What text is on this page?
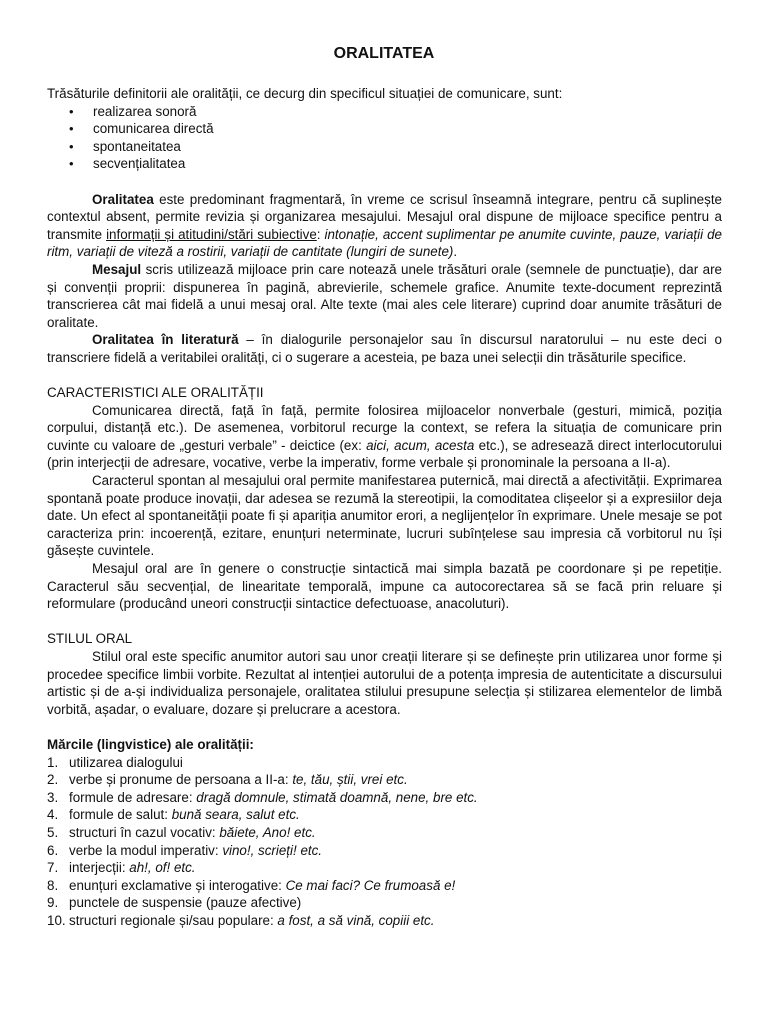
ORALITATEA

Trăsăturile definitorii ale oralității, ce decurg din specificul situației de comunicare, sunt:

• realizarea sonoră
• comunicarea directă
• spontaneitatea
• secvențialitatea

Oralitatea este predominant fragmentară, în vreme ce scrisul înseamnă integrare, pentru că suplinește contextul absent, permite revizia și organizarea mesajului. Mesajul oral dispune de mijloace specifice pentru a transmite informații și atitudini/stări subiective: intonație, accent suplimentar pe anumite cuvinte, pauze, variații de ritm, variații de viteză a rostirii, variații de cantitate (lungiri de sunete).

Mesajul scris utilizează mijloace prin care notează unele trăsături orale (semnele de punctuație), dar are și convenții proprii: dispunerea în pagină, abrevierile, schemele grafice. Anumite texte-document reprezintă transcrierea cât mai fidelă a unui mesaj oral. Alte texte (mai ales cele literare) cuprind doar anumite trăsături de oralitate.

Oralitatea în literatură – în dialogurile personajelor sau în discursul naratorului – nu este deci o transcriere fidelă a veritabilei oralități, ci o sugerare a acesteia, pe baza unei selecții din trăsăturile specifice.

CARACTERISTICI ALE ORALITĂȚII

Comunicarea directă, față în față, permite folosirea mijloacelor nonverbale (gesturi, mimică, poziția corpului, distanță etc.). De asemenea, vorbitorul recurge la context, se refera la situația de comunicare prin cuvinte cu valoare de „gesturi verbale” - deictice (ex: aici, acum, acesta etc.), se adresează direct interlocutorului (prin interjecții de adresare, vocative, verbe la imperativ, forme verbale și pronominale la persoana a II-a).

Caracterul spontan al mesajului oral permite manifestarea puternică, mai directă a afectivității. Exprimarea spontană poate produce inovații, dar adesea se rezumă la stereotipii, la comoditatea clișeelor și a expresiilor deja date. Un efect al spontaneității poate fi și apariția anumitor erori, a neglijențelor în exprimare. Unele mesaje se pot caracteriza prin: incoerență, ezitare, enunțuri neterminate, lucruri subînțelese sau impresia că vorbitorul nu își găsește cuvintele.

Mesajul oral are în genere o construcție sintactică mai simpla bazată pe coordonare și pe repetiție. Caracterul său secvențial, de linearitate temporală, impune ca autocorectarea să se facă prin reluare și reformulare (producând uneori construcții sintactice defectuoase, anacoluturi).

STILUL ORAL

Stilul oral este specific anumitor autori sau unor creații literare și se definește prin utilizarea unor forme și procedee specifice limbii vorbite. Rezultat al intenției autorului de a potența impresia de autenticitate a discursului artistic și de a-și individualiza personajele, oralitatea stilului presupune selecția și stilizarea elementelor de limbă vorbită, așadar, o evaluare, dozare și prelucrare a acestora.

Mărcile (lingvistice) ale oralității:

1. utilizarea dialogului
2. verbe și pronume de persoana a II-a: te, tău, știi, vrei etc.
3. formule de adresare: dragă domnule, stimată doamnă, nene, bre etc.
4. formule de salut: bună seara, salut etc.
5. structuri în cazul vocativ: băiete, Ano! etc.
6. verbe la modul imperativ: vino!, scrieți! etc.
7. interjecții: ah!, of! etc.
8. enunțuri exclamative și interogative: Ce mai faci? Ce frumoasă e!
9. punctele de suspensie (pauze afective)
10. structuri regionale și/sau populare: a fost, a să vină, copiii etc.
